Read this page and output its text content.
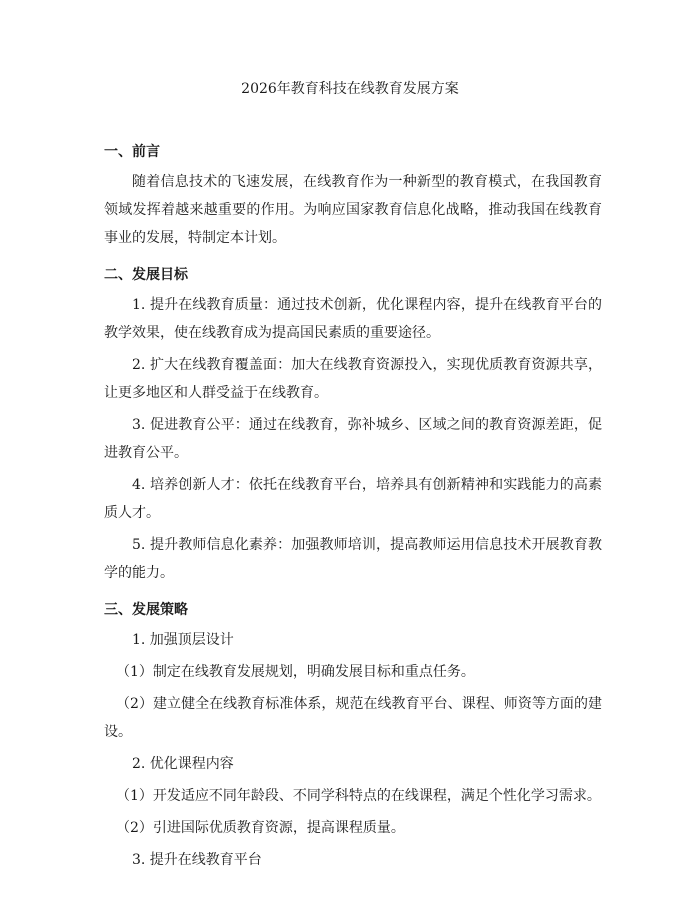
2026年教育科技在线教育发展方案

一、前言

随着信息技术的飞速发展，在线教育作为一种新型的教育模式，在我国教育领域发挥着越来越重要的作用。为响应国家教育信息化战略，推动我国在线教育事业的发展，特制定本计划。

二、发展目标

1. 提升在线教育质量：通过技术创新，优化课程内容，提升在线教育平台的教学效果，使在线教育成为提高国民素质的重要途径。

2. 扩大在线教育覆盖面：加大在线教育资源投入，实现优质教育资源共享，让更多地区和人群受益于在线教育。

3. 促进教育公平：通过在线教育，弥补城乡、区域之间的教育资源差距，促进教育公平。

4. 培养创新人才：依托在线教育平台，培养具有创新精神和实践能力的高素质人才。

5. 提升教师信息化素养：加强教师培训，提高教师运用信息技术开展教育教学的能力。

三、发展策略

1. 加强顶层设计

（1）制定在线教育发展规划，明确发展目标和重点任务。

（2）建立健全在线教育标准体系，规范在线教育平台、课程、师资等方面的建设。

2. 优化课程内容

（1）开发适应不同年龄段、不同学科特点的在线课程，满足个性化学习需求。

（2）引进国际优质教育资源，提高课程质量。

3. 提升在线教育平台
